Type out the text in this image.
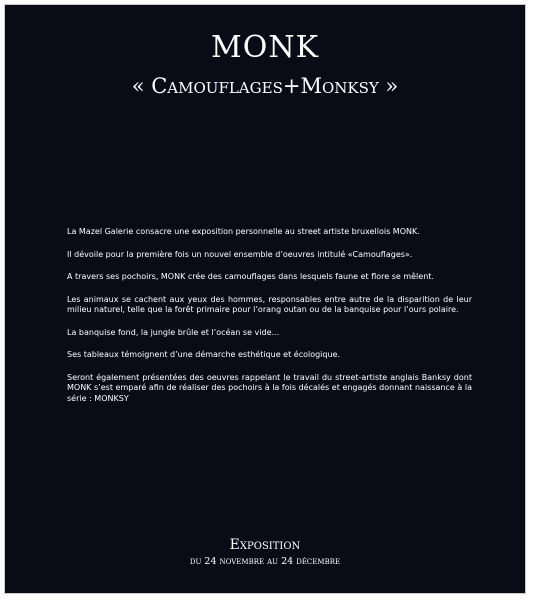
MONK
« Camouflages+Monksy »

La Mazel Galerie consacre une exposition personnelle au street artiste bruxellois MONK.

Il dévoile pour la première fois un nouvel ensemble d’oeuvres intitulé «Camouflages».

A travers ses pochoirs, MONK crée des camouflages dans lesquels faune et flore se mêlent.

Les animaux se cachent aux yeux des hommes, responsables entre autre de la disparition de leur milieu naturel, telle que la forêt primaire pour l’orang outan ou de la banquise pour l’ours polaire.

La banquise fond, la jungle brûle et l’océan se vide...

Ses tableaux témoignent d’une démarche esthétique et écologique.

Seront également présentées des oeuvres rappelant le travail du street-artiste anglais Banksy dont MONK s’est emparé afin de réaliser des pochoirs à la fois décalés et engagés donnant naissance à la série : MONKSY

Exposition
du 24 novembre au 24 décembre
